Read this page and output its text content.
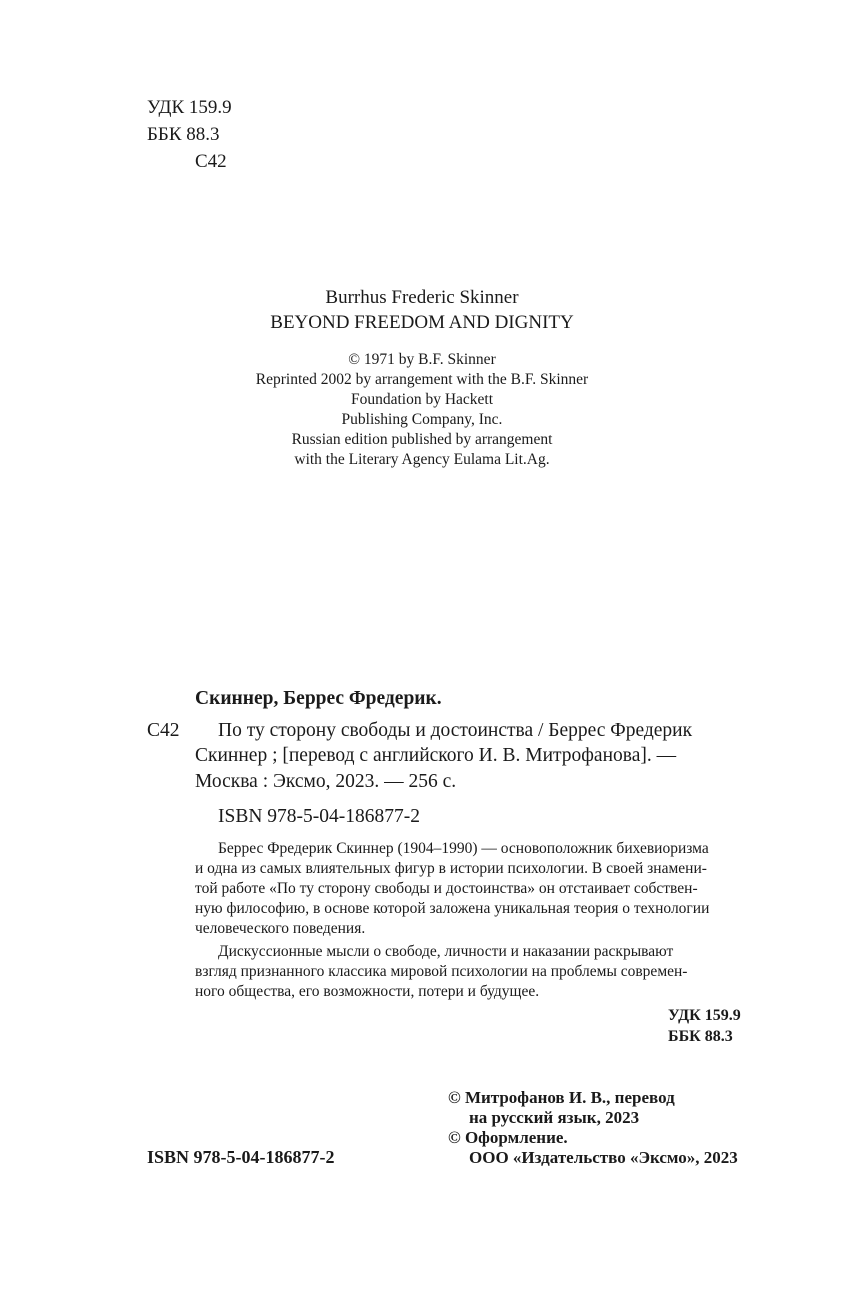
УДК 159.9
ББК 88.3
С42
Burrhus Frederic Skinner
BEYOND FREEDOM AND DIGNITY
© 1971 by B.F. Skinner
Reprinted 2002 by arrangement with the B.F. Skinner
Foundation by Hackett
Publishing Company, Inc.
Russian edition published by arrangement
with the Literary Agency Eulama Lit.Ag.
Скиннер, Беррес Фредерик.
С42 По ту сторону свободы и достоинства / Беррес Фредерик
Скиннер ; [перевод с английского И. В. Митрофанова]. —
Москва : Эксмо, 2023. — 256 с.
ISBN 978-5-04-186877-2
Беррес Фредерик Скиннер (1904–1990) — основоположник бихевиоризма
и одна из самых влиятельных фигур в истории психологии. В своей знамени-
той работе «По ту сторону свободы и достоинства» он отстаивает собствен-
ную философию, в основе которой заложена уникальная теория о технологии
человеческого поведения.
Дискуссионные мысли о свободе, личности и наказании раскрывают
взгляд признанного классика мировой психологии на проблемы современ-
ного общества, его возможности, потери и будущее.
УДК 159.9
ББК 88.3
ISBN 978-5-04-186877-2
© Митрофанов И. В., перевод
на русский язык, 2023
© Оформление.
ООО «Издательство «Эксмо», 2023
